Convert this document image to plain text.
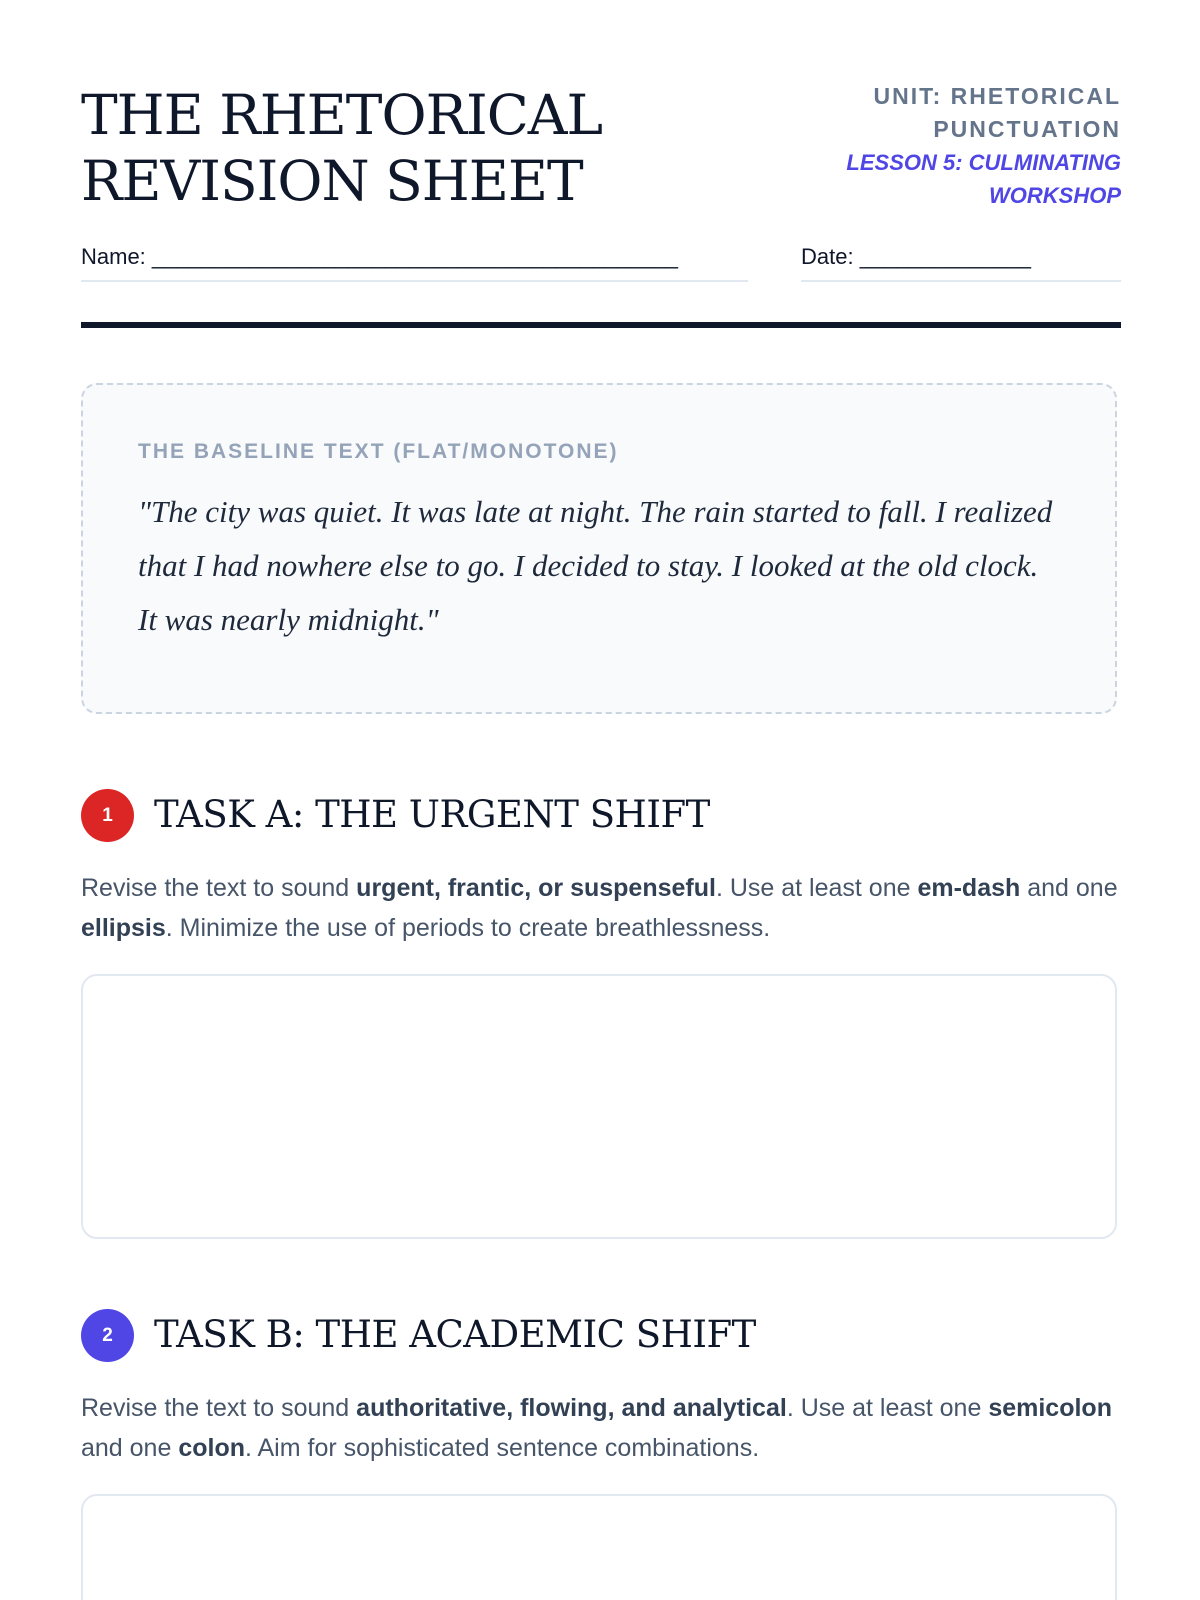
THE RHETORICAL REVISION SHEET
UNIT: RHETORICAL PUNCTUATION
LESSON 5: CULMINATING WORKSHOP
Name: ___________________________________________	Date: ______________
THE BASELINE TEXT (FLAT/MONOTONE)
"The city was quiet. It was late at night. The rain started to fall. I realized that I had nowhere else to go. I decided to stay. I looked at the old clock. It was nearly midnight."
1	TASK A: THE URGENT SHIFT
Revise the text to sound urgent, frantic, or suspenseful. Use at least one em-dash and one ellipsis. Minimize the use of periods to create breathlessness.
2	TASK B: THE ACADEMIC SHIFT
Revise the text to sound authoritative, flowing, and analytical. Use at least one semicolon and one colon. Aim for sophisticated sentence combinations.
